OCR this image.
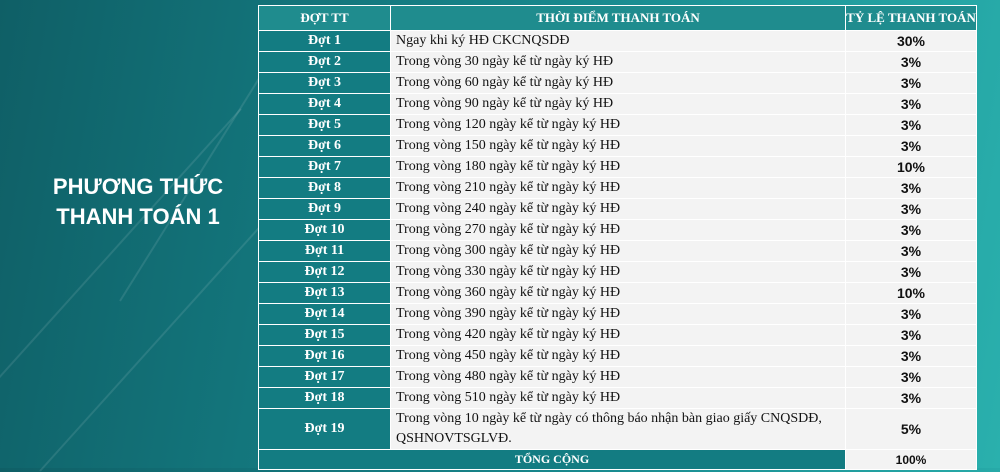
PHƯƠNG THỨC
THANH TOÁN 1
ĐỢT TT	THỜI ĐIỂM THANH TOÁN	TỶ LỆ THANH TOÁN
Đợt 1	Ngay khi ký HĐ CKCNQSDĐ	30%
Đợt 2	Trong vòng 30 ngày kể từ ngày ký HĐ	3%
Đợt 3	Trong vòng 60 ngày kể từ ngày ký HĐ	3%
Đợt 4	Trong vòng 90 ngày kể từ ngày ký HĐ	3%
Đợt 5	Trong vòng 120 ngày kể từ ngày ký HĐ	3%
Đợt 6	Trong vòng 150 ngày kể từ ngày ký HĐ	3%
Đợt 7	Trong vòng 180 ngày kể từ ngày ký HĐ	10%
Đợt 8	Trong vòng 210 ngày kể từ ngày ký HĐ	3%
Đợt 9	Trong vòng 240 ngày kể từ ngày ký HĐ	3%
Đợt 10	Trong vòng 270 ngày kể từ ngày ký HĐ	3%
Đợt 11	Trong vòng 300 ngày kể từ ngày ký HĐ	3%
Đợt 12	Trong vòng 330 ngày kể từ ngày ký HĐ	3%
Đợt 13	Trong vòng 360 ngày kể từ ngày ký HĐ	10%
Đợt 14	Trong vòng 390 ngày kể từ ngày ký HĐ	3%
Đợt 15	Trong vòng 420 ngày kể từ ngày ký HĐ	3%
Đợt 16	Trong vòng 450 ngày kể từ ngày ký HĐ	3%
Đợt 17	Trong vòng 480 ngày kể từ ngày ký HĐ	3%
Đợt 18	Trong vòng 510 ngày kể từ ngày ký HĐ	3%
Đợt 19	Trong vòng 10 ngày kể từ ngày có thông báo nhận bàn giao giấy CNQSDĐ, QSHNOVTSGLVĐ.	5%
TỔNG CỘNG		100%
